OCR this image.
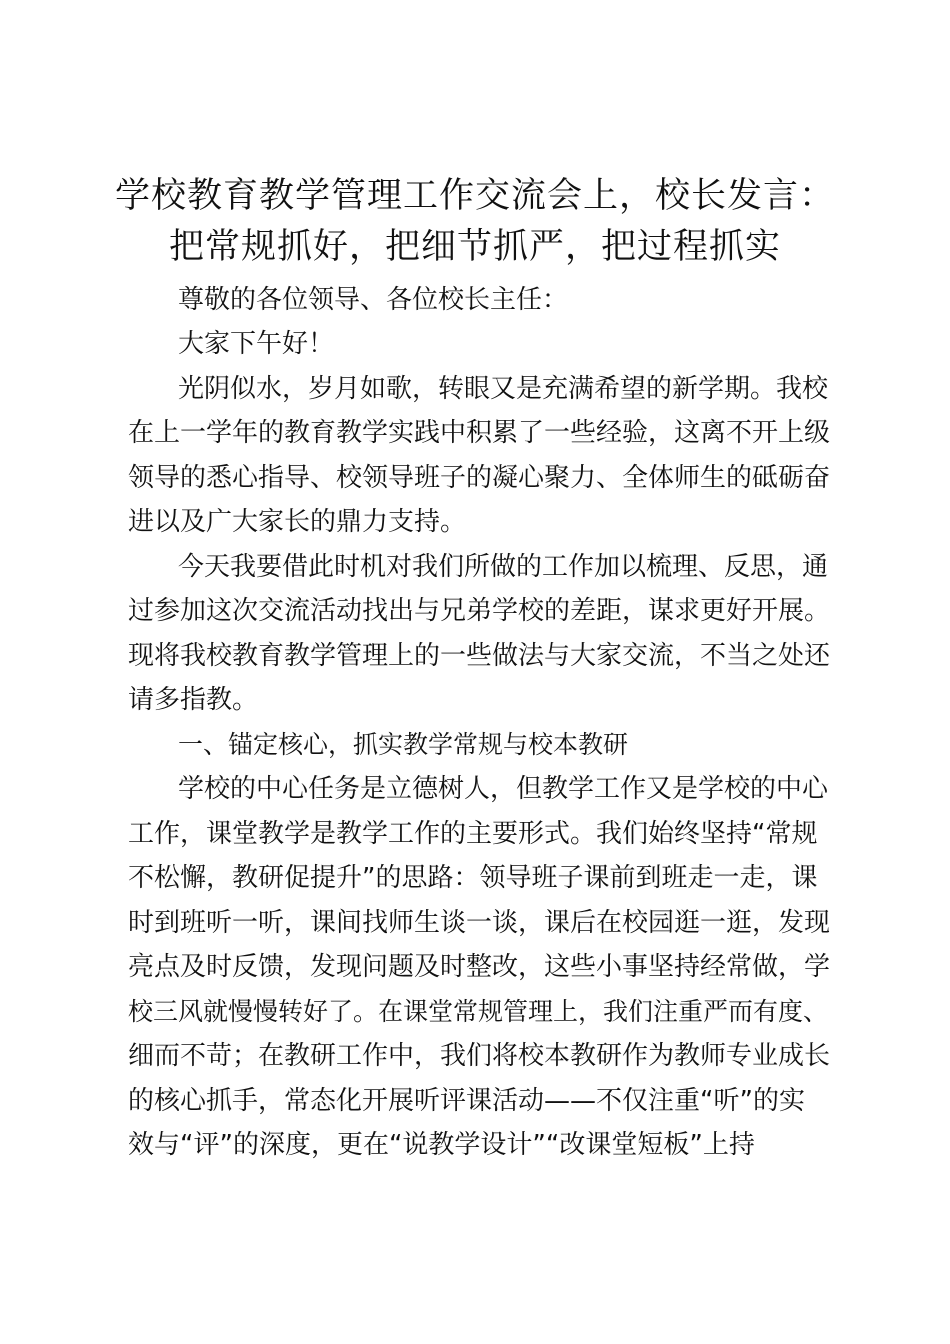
学校教育教学管理工作交流会上，校长发言：
把常规抓好，把细节抓严，把过程抓实
尊敬的各位领导、各位校长主任：
大家下午好！
光阴似水，岁月如歌，转眼又是充满希望的新学期。我校
在上一学年的教育教学实践中积累了一些经验，这离不开上级
领导的悉心指导、校领导班子的凝心聚力、全体师生的砥砺奋
进以及广大家长的鼎力支持。
今天我要借此时机对我们所做的工作加以梳理、反思，通
过参加这次交流活动找出与兄弟学校的差距，谋求更好开展。
现将我校教育教学管理上的一些做法与大家交流，不当之处还
请多指教。
一、锚定核心，抓实教学常规与校本教研
学校的中心任务是立德树人，但教学工作又是学校的中心
工作，课堂教学是教学工作的主要形式。我们始终坚持“常规
不松懈，教研促提升”的思路：领导班子课前到班走一走，课
时到班听一听，课间找师生谈一谈，课后在校园逛一逛，发现
亮点及时反馈，发现问题及时整改，这些小事坚持经常做，学
校三风就慢慢转好了。在课堂常规管理上，我们注重严而有度、
细而不苛；在教研工作中，我们将校本教研作为教师专业成长
的核心抓手，常态化开展听评课活动——不仅注重“听”的实
效与“评”的深度，更在“说教学设计”“改课堂短板”上持
